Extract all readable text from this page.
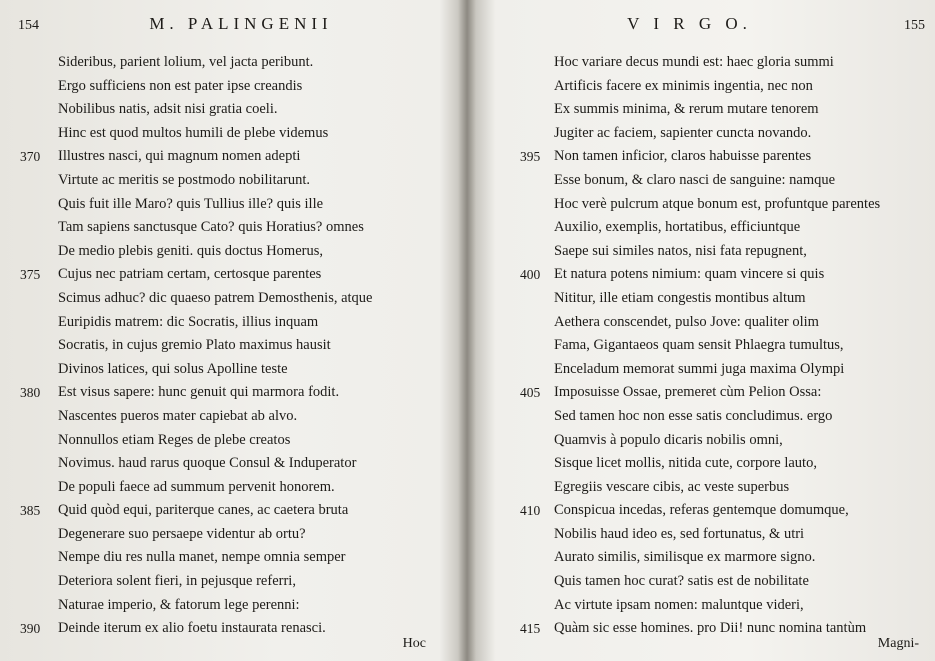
154	M. PALINGENII
Sideribus, parient lolium, vel jacta peribunt.
Ergo sufficiens non est pater ipse creandis
Nobilibus natis, adsit nisi gratia coeli.
Hinc est quod multos humili de plebe videmus
370 Illustres nasci, qui magnum nomen adepti
Virtute ac meritis se postmodo nobilitarunt.
Quis fuit ille Maro? quis Tullius ille? quis ille
Tam sapiens sanctusque Cato? quis Horatius? omnes
De medio plebis geniti. quis doctus Homerus,
375 Cujus nec patriam certam, certosque parentes
Scimus adhuc? dic quaeso patrem Demosthenis, atque
Euripidis matrem: dic Socratis, illius inquam
Socratis, in cujus gremio Plato maximus hausit
Divinos latices, qui solus Apolline teste
380 Est visus sapere: hunc genuit qui marmora fodit.
Nascentes pueros mater capiebat ab alvo.
Nonnullos etiam Reges de plebe creatos
Novimus. haud rarus quoque Consul & Induperator
De populi faece ad summum pervenit honorem.
385 Quid quòd equi, pariterque canes, ac caetera bruta
Degenerare suo persaepe videntur ab ortu?
Nempe diu res nulla manet, nempe omnia semper
Deteriora solent fieri, in pejusque referri,
Naturae imperio, & fatorum lege perenni:
390 Deinde iterum ex alio foetu instaurata renasci.
Hoc
V I R G O.	155
Hoc variare decus mundi est: haec gloria summi
Artificis facere ex minimis ingentia, nec non
Ex summis minima, & rerum mutare tenorem
Jugiter ac faciem, sapienter cuncta novando.
395 Non tamen inficior, claros habuisse parentes
Esse bonum, & claro nasci de sanguine: namque
Hoc verè pulcrum atque bonum est, profuntque parentes
Auxilio, exemplis, hortatibus, efficiuntque
Saepe sui similes natos, nisi fata repugnent,
400 Et natura potens nimium: quam vincere si quis
Nititur, ille etiam congestis montibus altum
Aethera conscendet, pulso Jove: qualiter olim
Fama, Gigantaeos quam sensit Phlaegra tumultus,
Enceladum memorat summi juga maxima Olympi
405 Imposuisse Ossae, premeret cùm Pelion Ossa:
Sed tamen hoc non esse satis concludimus. ergo
Quamvis à populo dicaris nobilis omni,
Sisque licet mollis, nitida cute, corpore lauto,
Egregiis vescare cibis, ac veste superbus
410 Conspicua incedas, referas gentemque domumque,
Nobilis haud ideo es, sed fortunatus, & utri
Aurato similis, similisque ex marmore signo.
Quis tamen hoc curat? satis est de nobilitate
Ac virtute ipsam nomen: maluntque videri,
415 Quàm sic esse homines. pro Dii! nunc nomina tantùm
Magni-
